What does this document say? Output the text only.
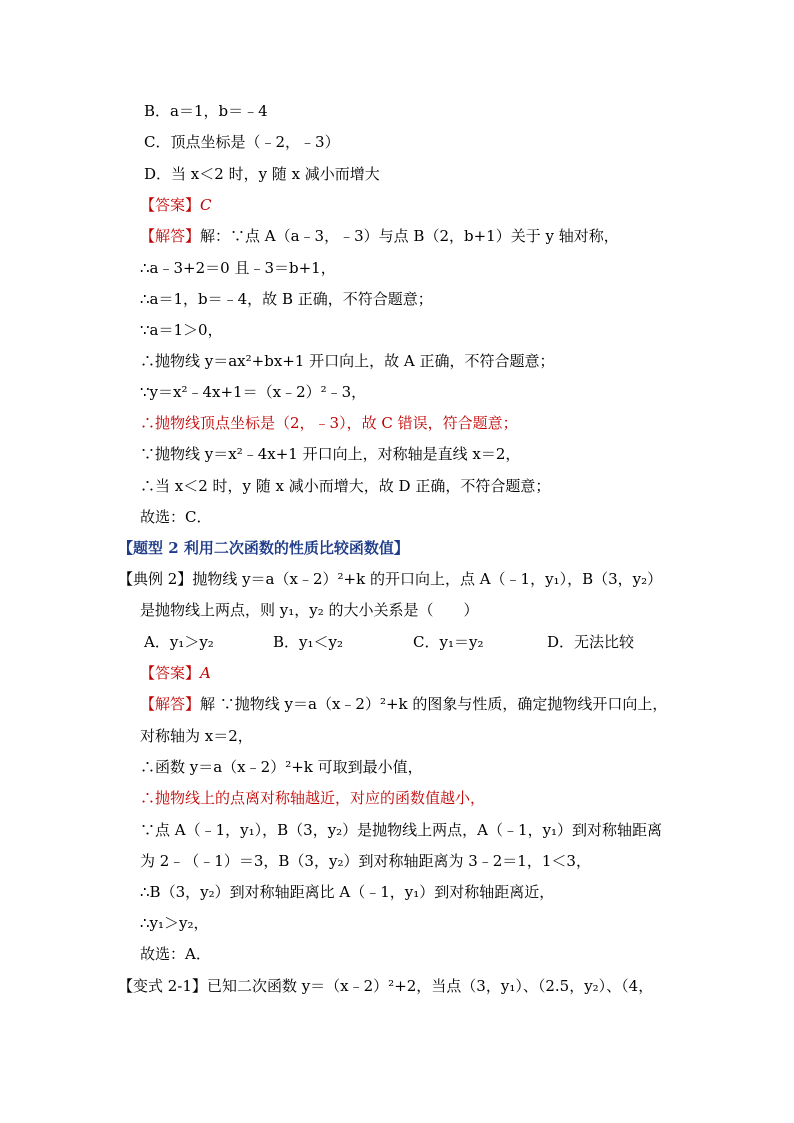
B．a＝1，b＝﹣4
C．顶点坐标是（﹣2，﹣3）
D．当 x＜2 时，y 随 x 减小而增大
【答案】C
【解答】解：∵点 A（a﹣3，﹣3）与点 B（2，b+1）关于 y 轴对称，
∴a﹣3+2＝0 且﹣3＝b+1，
∴a＝1，b＝﹣4，故 B 正确，不符合题意；
∵a＝1＞0，
∴抛物线 y＝ax²+bx+1 开口向上，故 A 正确，不符合题意；
∵y＝x²﹣4x+1＝（x﹣2）²﹣3，
∴抛物线顶点坐标是（2，﹣3），故 C 错误，符合题意；
∵抛物线 y＝x²﹣4x+1 开口向上，对称轴是直线 x＝2，
∴当 x＜2 时，y 随 x 减小而增大，故 D 正确，不符合题意；
故选：C．
【题型 2 利用二次函数的性质比较函数值】
【典例 2】抛物线 y＝a（x﹣2）²+k 的开口向上，点 A（﹣1，y₁），B（3，y₂）
是抛物线上两点，则 y₁，y₂ 的大小关系是（　　）
A．y₁＞y₂	B．y₁＜y₂	C．y₁＝y₂	D．无法比较
【答案】A
【解答】解 ∵抛物线 y＝a（x﹣2）²+k 的图象与性质，确定抛物线开口向上，
对称轴为 x＝2，
∴函数 y＝a（x﹣2）²+k 可取到最小值，
∴抛物线上的点离对称轴越近，对应的函数值越小，
∵点 A（﹣1，y₁），B（3，y₂）是抛物线上两点，A（﹣1，y₁）到对称轴距离
为 2﹣（﹣1）＝3，B（3，y₂）到对称轴距离为 3﹣2＝1，1＜3，
∴B（3，y₂）到对称轴距离比 A（﹣1，y₁）到对称轴距离近，
∴y₁＞y₂，
故选：A．
【变式 2-1】已知二次函数 y＝（x﹣2）²+2，当点（3，y₁）、（2.5，y₂）、（4，
